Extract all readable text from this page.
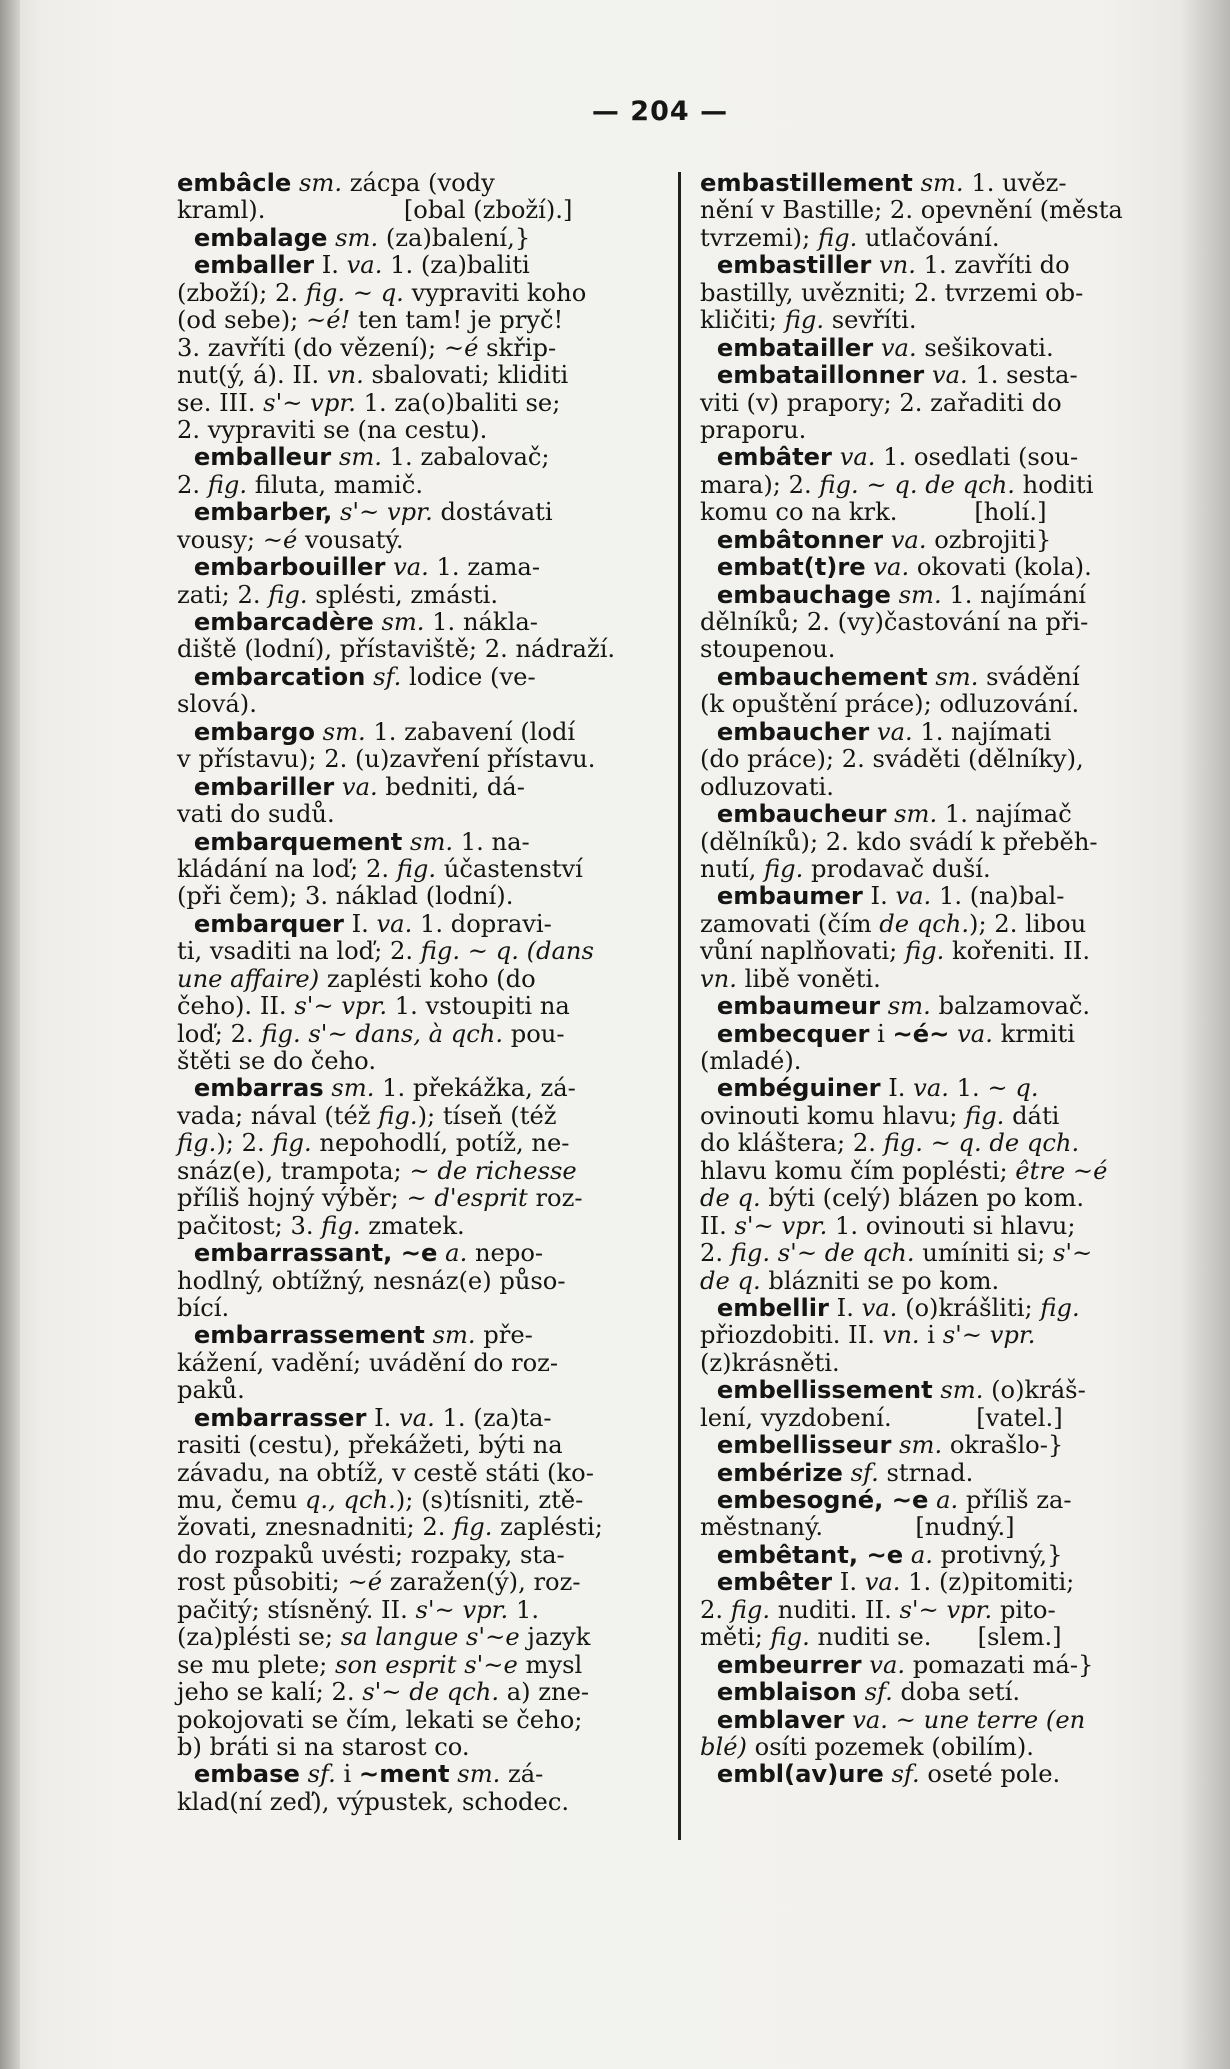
— 204 —
embâcle sm. zácpa (vody
kraml).                  [obal (zboží).]
embalage sm. (za)balení,}
emballer I. va. 1. (za)baliti
(zboží); 2. fig. ~ q. vypraviti koho
(od sebe); ~é! ten tam! je pryč!
3. zavříti (do vězení); ~é skřip-
nut(ý, á). II. vn. sbalovati; kliditi
se. III. s'~ vpr. 1. za(o)baliti se;
2. vypraviti se (na cestu).
emballeur sm. 1. zabalovač;
2. fig. filuta, mamič.
embarber, s'~ vpr. dostávati
vousy; ~é vousatý.
embarbouiller va. 1. zama-
zati; 2. fig. splésti, zmásti.
embarcadère sm. 1. nákla-
diště (lodní), přístaviště; 2. nádraží.
embarcation sf. lodice (ve-
slová).
embargo sm. 1. zabavení (lodí
v přístavu); 2. (u)zavření přístavu.
embariller va. bedniti, dá-
vati do sudů.
embarquement sm. 1. na-
kládání na loď; 2. fig. účastenství
(při čem); 3. náklad (lodní).
embarquer I. va. 1. dopravi-
ti, vsaditi na loď; 2. fig. ~ q. (dans
une affaire) zaplésti koho (do
čeho). II. s'~ vpr. 1. vstoupiti na
loď; 2. fig. s'~ dans, à qch. pou-
štěti se do čeho.
embarras sm. 1. překážka, zá-
vada; nával (též fig.); tíseň (též
fig.); 2. fig. nepohodlí, potíž, ne-
snáz(e), trampota; ~ de richesse
příliš hojný výběr; ~ d'esprit roz-
pačitost; 3. fig. zmatek.
embarrassant, ~e a. nepo-
hodlný, obtížný, nesnáz(e) půso-
bící.
embarrassement sm. pře-
kážení, vadění; uvádění do roz-
paků.
embarrasser I. va. 1. (za)ta-
rasiti (cestu), překážeti, býti na
závadu, na obtíž, v cestě státi (ko-
mu, čemu q., qch.); (s)tísniti, ztě-
žovati, znesnadniti; 2. fig. zaplésti;
do rozpaků uvésti; rozpaky, sta-
rost působiti; ~é zaražen(ý), roz-
pačitý; stísněný. II. s'~ vpr. 1.
(za)plésti se; sa langue s'~e jazyk
se mu plete; son esprit s'~e mysl
jeho se kalí; 2. s'~ de qch. a) zne-
pokojovati se čím, lekati se čeho;
b) bráti si na starost co.
embase sf. i ~ment sm. zá-
klad(ní zeď), výpustek, schodec.
embastillement sm. 1. uvěz-
nění v Bastille; 2. opevnění (města
tvrzemi); fig. utlačování.
embastiller vn. 1. zavříti do
bastilly, uvězniti; 2. tvrzemi ob-
kličiti; fig. sevříti.
embatailler va. sešikovati.
embataillonner va. 1. sesta-
viti (v) prapory; 2. zařaditi do
praporu.
embâter va. 1. osedlati (sou-
mara); 2. fig. ~ q. de qch. hoditi
komu co na krk.          [holí.]
embâtonner va. ozbrojiti}
embat(t)re va. okovati (kola).
embauchage sm. 1. najímání
dělníků; 2. (vy)častování na při-
stoupenou.
embauchement sm. svádění
(k opuštění práce); odluzování.
embaucher va. 1. najímati
(do práce); 2. sváděti (dělníky),
odluzovati.
embaucheur sm. 1. najímač
(dělníků); 2. kdo svádí k přeběh-
nutí, fig. prodavač duší.
embaumer I. va. 1. (na)bal-
zamovati (čím de qch.); 2. libou
vůní naplňovati; fig. kořeniti. II.
vn. libě voněti.
embaumeur sm. balzamovač.
embecquer i ~é~ va. krmiti
(mladé).
embéguiner I. va. 1. ~ q.
ovinouti komu hlavu; fig. dáti
do kláštera; 2. fig. ~ q. de qch.
hlavu komu čím poplésti; être ~é
de q. býti (celý) blázen po kom.
II. s'~ vpr. 1. ovinouti si hlavu;
2. fig. s'~ de qch. umíniti si; s'~
de q. blázniti se po kom.
embellir I. va. (o)krášliti; fig.
přiozdobiti. II. vn. i s'~ vpr.
(z)krásněti.
embellissement sm. (o)kráš-
lení, vyzdobení.           [vatel.]
embellisseur sm. okrašlo-}
embérize sf. strnad.
embesogné, ~e a. příliš za-
městnaný.            [nudný.]
embêtant, ~e a. protivný,}
embêter I. va. 1. (z)pitomiti;
2. fig. nuditi. II. s'~ vpr. pito-
měti; fig. nuditi se.      [slem.]
embeurrer va. pomazati má-}
emblaison sf. doba setí.
emblaver va. ~ une terre (en
blé) osíti pozemek (obilím).
embl(av)ure sf. oseté pole.
